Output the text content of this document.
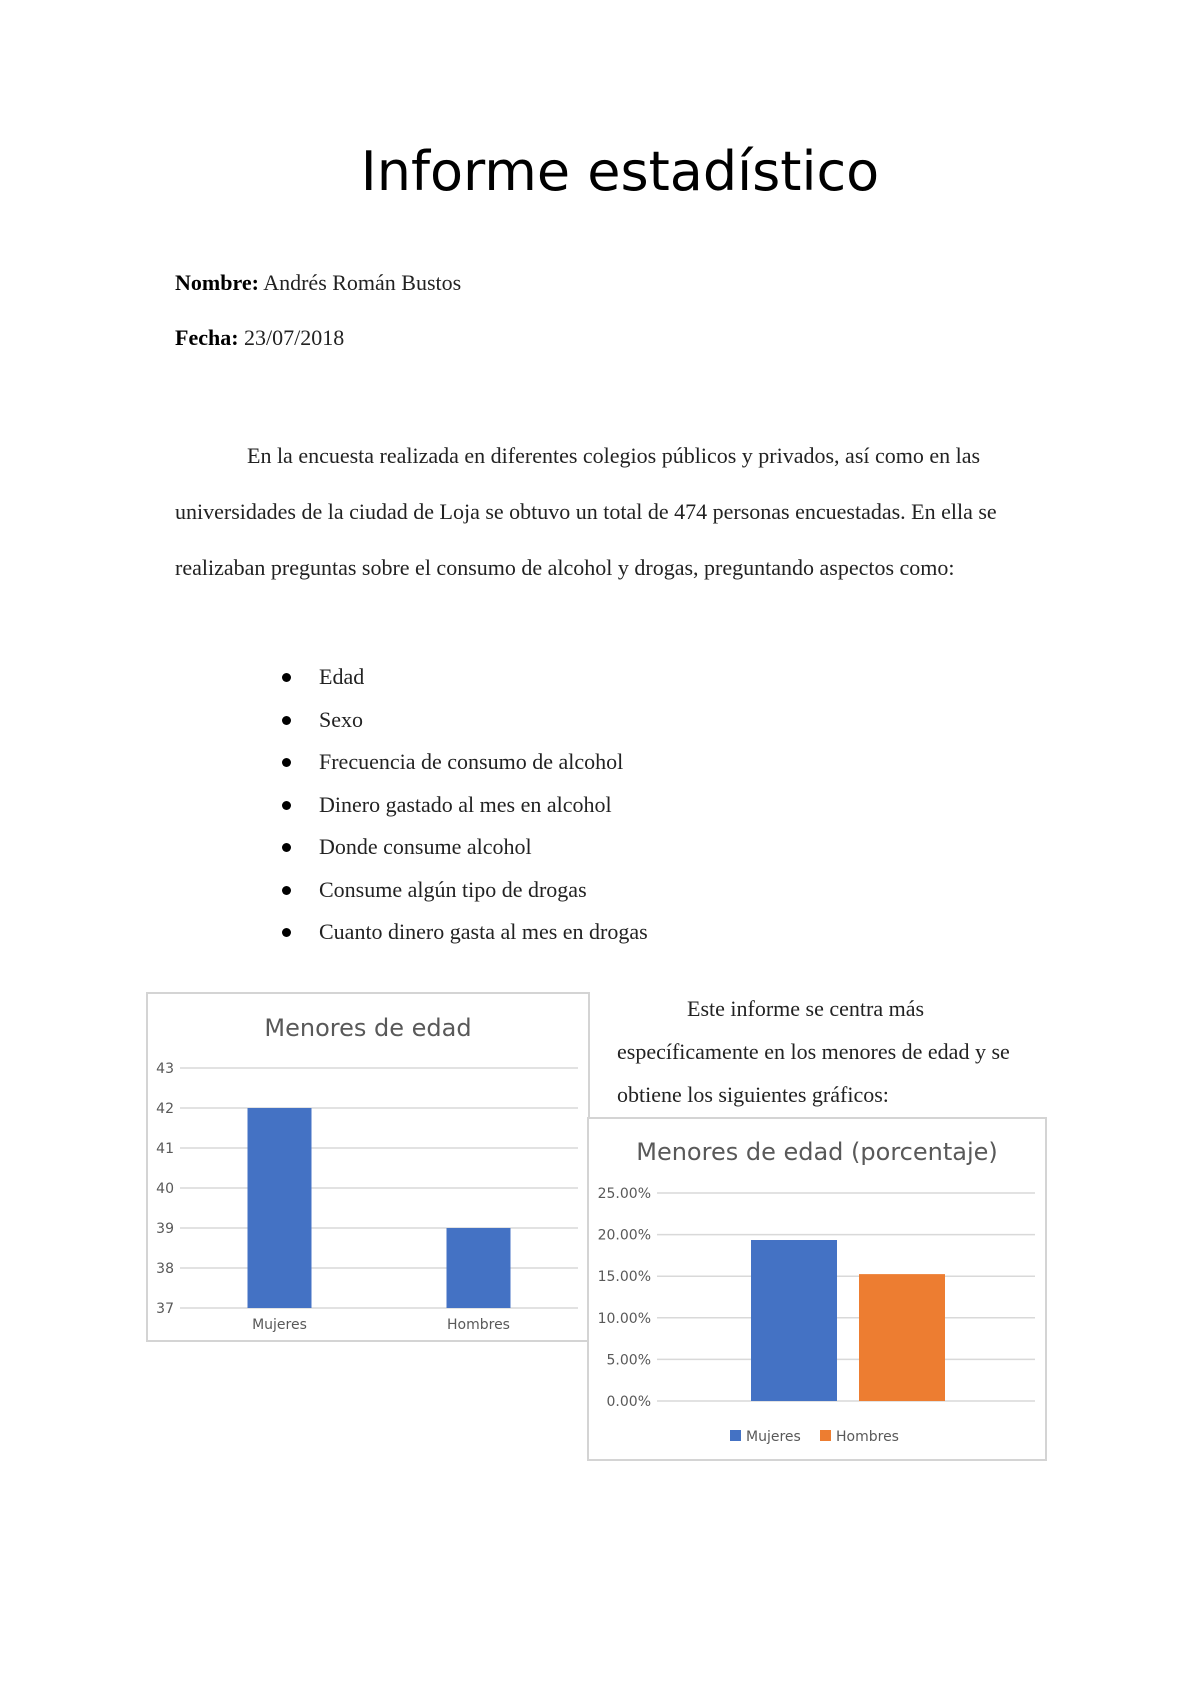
Informe estadístico
Nombre: Andrés Román Bustos
Fecha: 23/07/2018

En la encuesta realizada en diferentes colegios públicos y privados, así como en las universidades de la ciudad de Loja se obtuvo un total de 474 personas encuestadas. En ella se realizaban preguntas sobre el consumo de alcohol y drogas, preguntando aspectos como:

Edad
Sexo
Frecuencia de consumo de alcohol
Dinero gastado al mes en alcohol
Donde consume alcohol
Consume algún tipo de drogas
Cuanto dinero gasta al mes en drogas

Este informe se centra más específicamente en los menores de edad y se obtiene los siguientes gráficos:

Menores de edad
37
38
39
40
41
42
43
Mujeres	Hombres
Menores de edad (porcentaje)
0.00%
5.00%
10.00%
15.00%
20.00%
25.00%
Mujeres	Hombres
